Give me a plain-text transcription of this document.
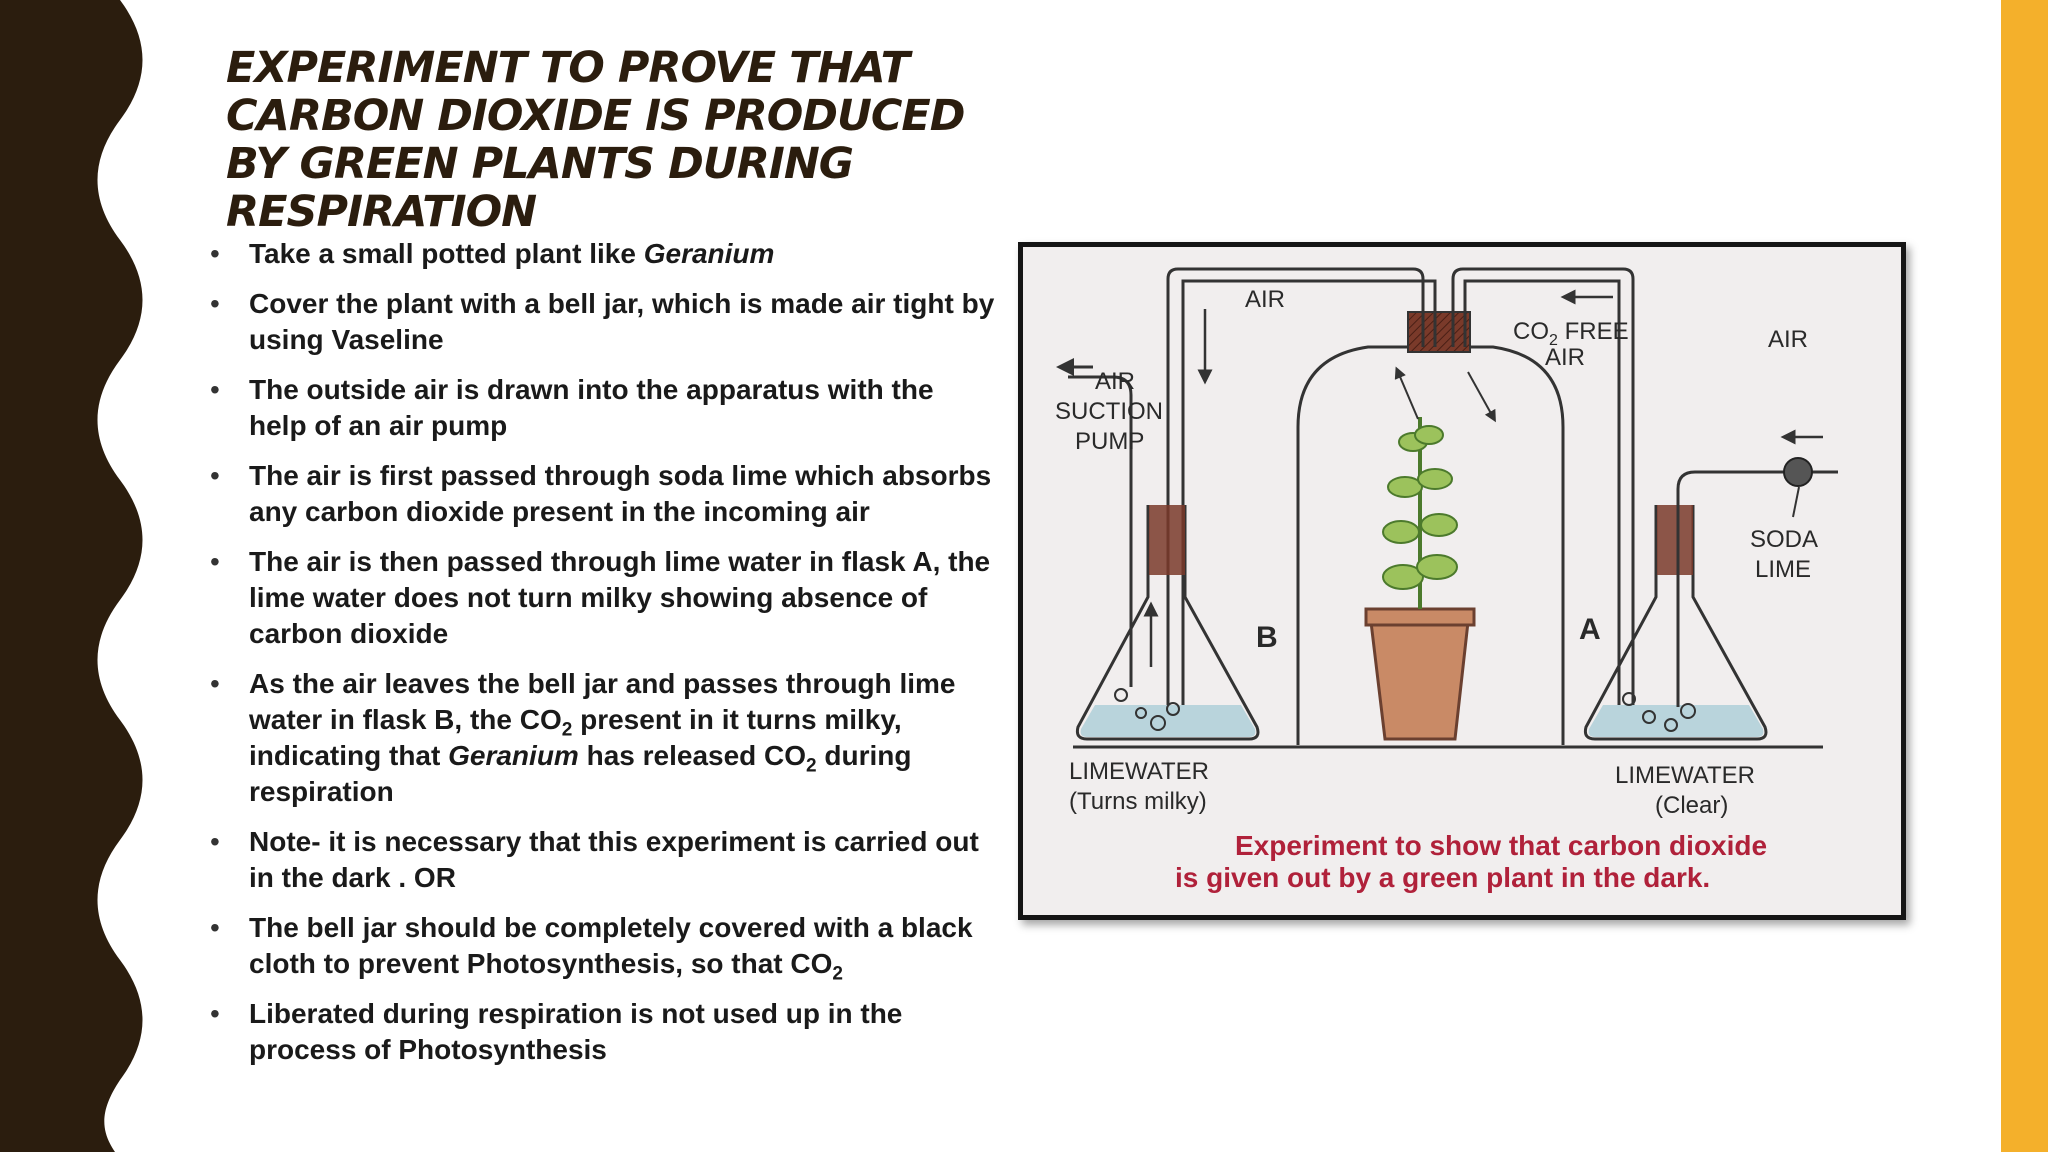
EXPERIMENT TO PROVE THAT
CARBON DIOXIDE IS PRODUCED
BY GREEN PLANTS DURING
RESPIRATION
• Take a small potted plant like Geranium
• Cover the plant with a bell jar, which is made air tight by using Vaseline
• The outside air is drawn into the apparatus with the help of an air pump
• The air is first passed through soda lime which absorbs any carbon dioxide present in the incoming air
• The air is then passed through lime water in flask A, the lime water does not turn milky showing absence of carbon dioxide
• As the air leaves the bell jar and passes through lime water in flask B, the $CO_2$ present in it turns milky, indicating that Geranium has released $CO_2$ during respiration
• Note- it is necessary that this experiment is carried out in the dark . OR
• The bell jar should be completely covered with a black cloth to prevent Photosynthesis, so that $CO_2$
• Liberated during respiration is not used up in the process of Photosynthesis
AIR
$CO_2$ FREE
AIR
AIR
AIR
SUCTION
PUMP
SODA
LIME
B	A
LIMEWATER
(Turns milky)
LIMEWATER
(Clear)
Experiment to show that carbon dioxide
is given out by a green plant in the dark.
